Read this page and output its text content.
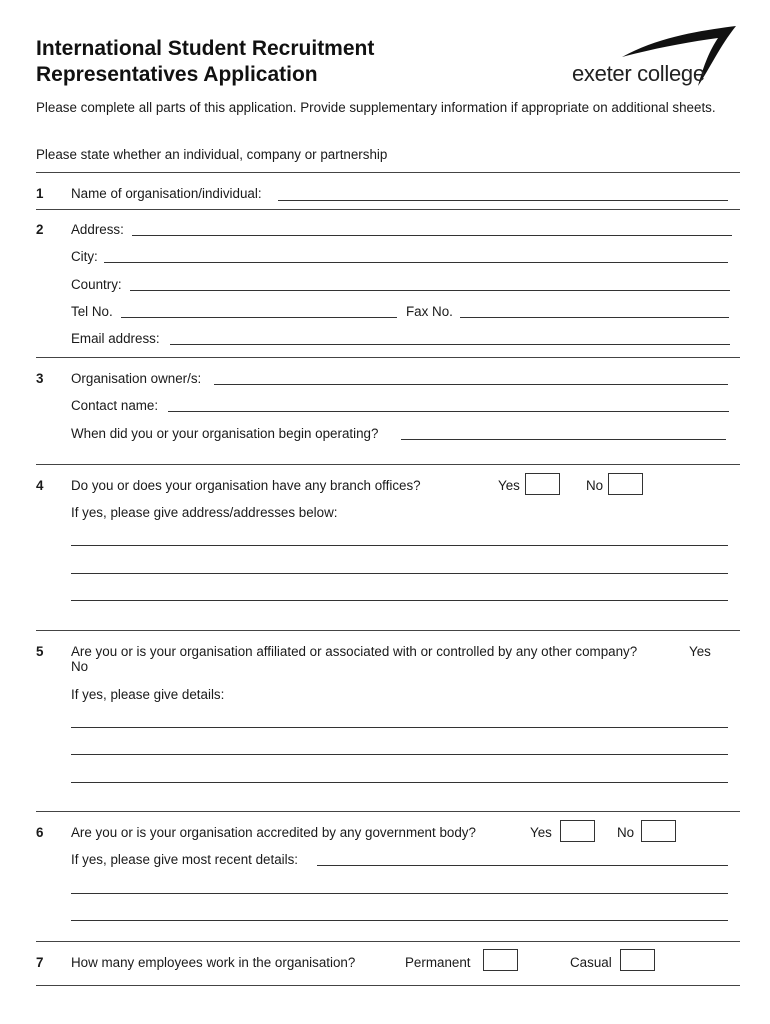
International Student Recruitment
Representatives Application	exeter college
Please complete all parts of this application. Provide supplementary information if appropriate on additional sheets.
Please state whether an individual, company or partnership
1 Name of organisation/individual:
2 Address:
City:
Country:
Tel No.	Fax No.
Email address:
3 Organisation owner/s:
Contact name:
When did you or your organisation begin operating?
4 Do you or does your organisation have any branch offices?	Yes	No
If yes, please give address/addresses below:
5 Are you or is your organisation affiliated or associated with or controlled by any other company?	Yes
No
If yes, please give details:
6 Are you or is your organisation accredited by any government body?	Yes	No
If yes, please give most recent details:
7 How many employees work in the organisation?	Permanent	Casual
